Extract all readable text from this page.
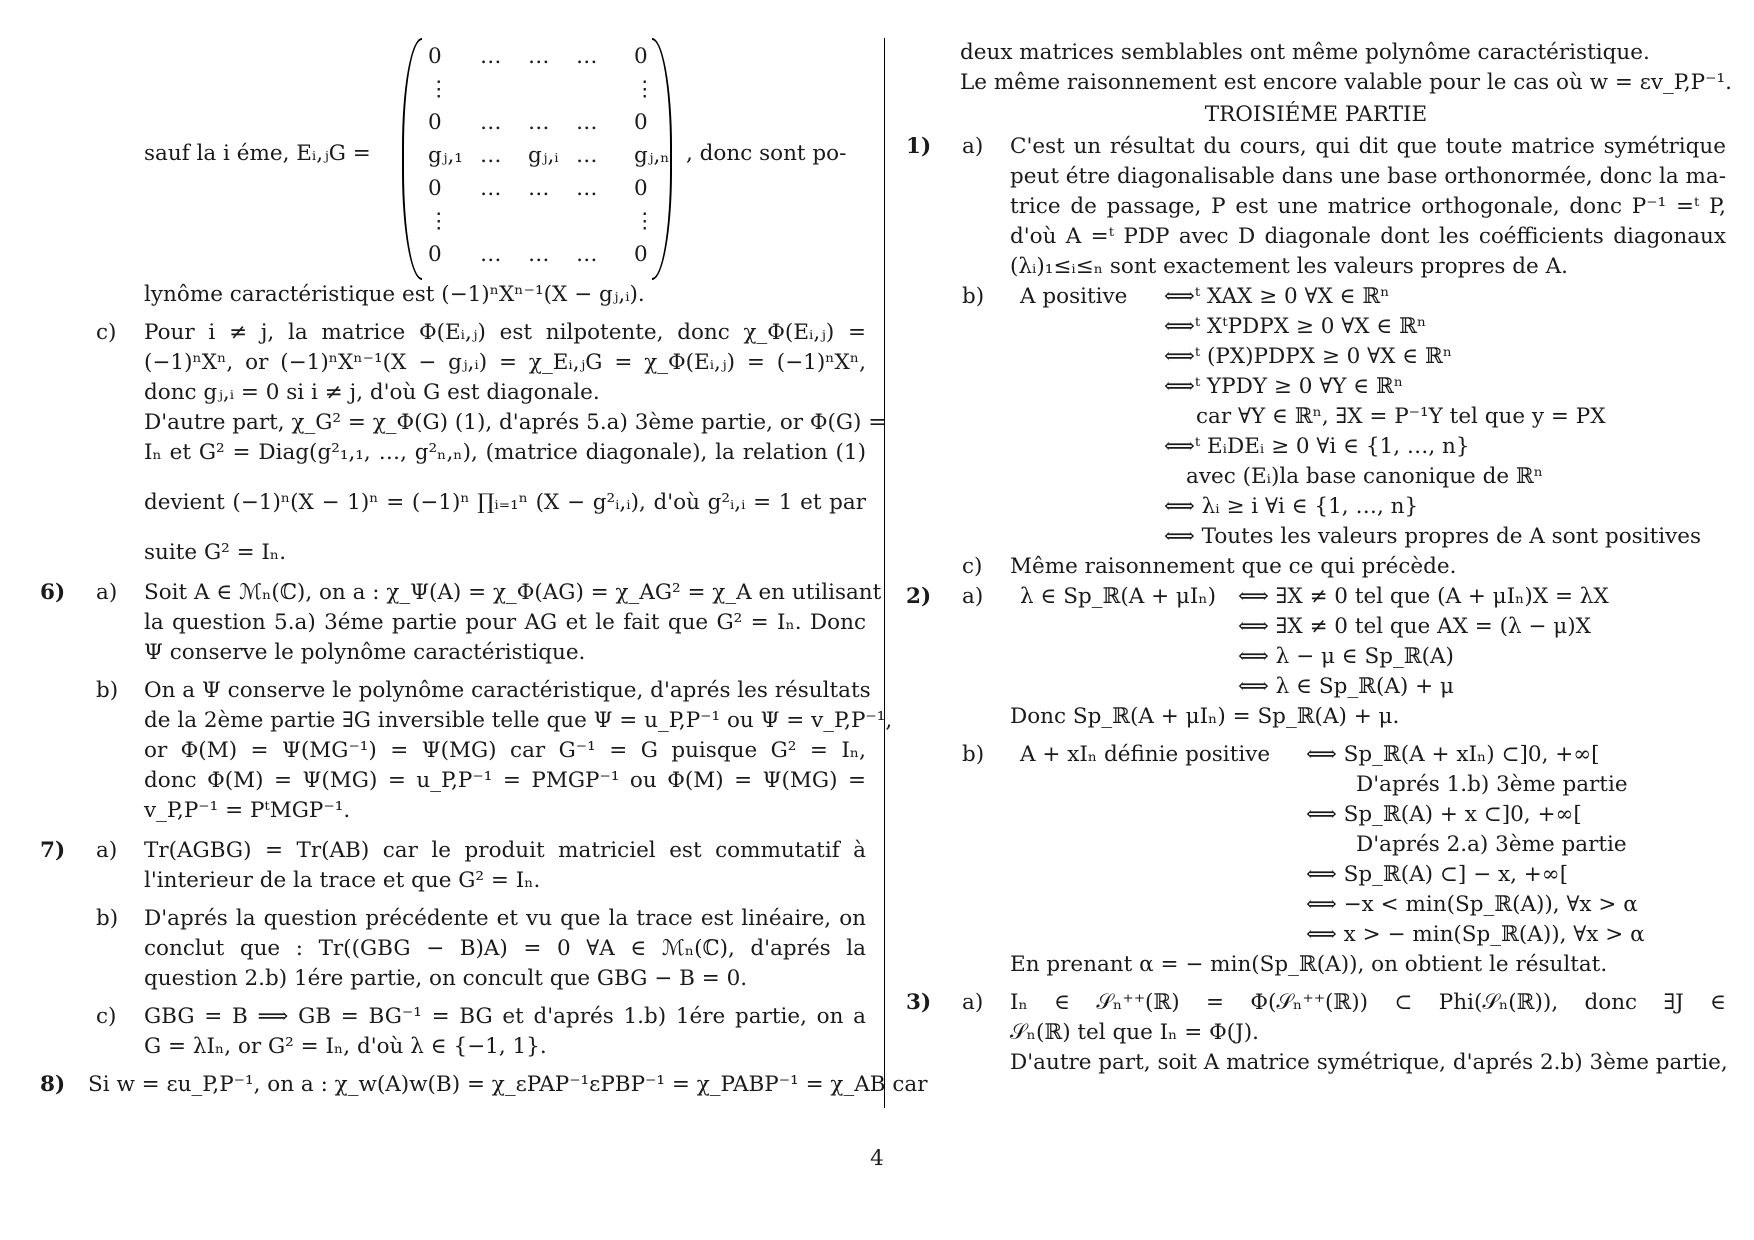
sauf la i éme, Eᵢ,ⱼG =
0 … … … 0
⋮	⋮
0 … … … 0
gⱼ,₁ … gⱼ,ᵢ … gⱼ,ₙ
0 … … … 0
⋮	⋮
0 … … … 0
, donc sont po-
lynôme caractéristique est (−1)ⁿXⁿ⁻¹(X − gⱼ,ᵢ).
c) Pour i ≠ j, la matrice Φ(Eᵢ,ⱼ) est nilpotente, donc χ_Φ(Eᵢ,ⱼ) =
(−1)ⁿXⁿ, or (−1)ⁿXⁿ⁻¹(X − gⱼ,ᵢ) = χ_Eᵢ,ⱼG = χ_Φ(Eᵢ,ⱼ) = (−1)ⁿXⁿ,
donc gⱼ,ᵢ = 0 si i ≠ j, d'où G est diagonale.
D'autre part, χ_G² = χ_Φ(G) (1), d'aprés 5.a) 3ème partie, or Φ(G) =
Iₙ et G² = Diag(g²₁,₁, …, g²ₙ,ₙ), (matrice diagonale), la relation (1)
devient (−1)ⁿ(X − 1)ⁿ = (−1)ⁿ ∏ᵢ₌₁ⁿ (X − g²ᵢ,ᵢ), d'où g²ᵢ,ᵢ = 1 et par
suite G² = Iₙ.
6) a) Soit A ∈ ℳₙ(ℂ), on a : χ_Ψ(A) = χ_Φ(AG) = χ_AG² = χ_A en utilisant
la question 5.a) 3éme partie pour AG et le fait que G² = Iₙ. Donc
Ψ conserve le polynôme caractéristique.
b) On a Ψ conserve le polynôme caractéristique, d'aprés les résultats
de la 2ème partie ∃G inversible telle que Ψ = u_P,P⁻¹ ou Ψ = v_P,P⁻¹,
or Φ(M) = Ψ(MG⁻¹) = Ψ(MG) car G⁻¹ = G puisque G² = Iₙ,
donc Φ(M) = Ψ(MG) = u_P,P⁻¹ = PMGP⁻¹ ou Φ(M) = Ψ(MG) =
v_P,P⁻¹ = PᵗMGP⁻¹.
7) a) Tr(AGBG) = Tr(AB) car le produit matriciel est commutatif à
l'interieur de la trace et que G² = Iₙ.
b) D'aprés la question précédente et vu que la trace est linéaire, on
conclut que : Tr((GBG − B)A) = 0 ∀A ∈ ℳₙ(ℂ), d'aprés la
question 2.b) 1ére partie, on concult que GBG − B = 0.
c) GBG = B ⟹ GB = BG⁻¹ = BG et d'aprés 1.b) 1ére partie, on a
G = λIₙ, or G² = Iₙ, d'où λ ∈ {−1, 1}.
8) Si w = εu_P,P⁻¹, on a : χ_w(A)w(B) = χ_εPAP⁻¹εPBP⁻¹ = χ_PABP⁻¹ = χ_AB car
deux matrices semblables ont même polynôme caractéristique.
Le même raisonnement est encore valable pour le cas où w = εv_P,P⁻¹.
TROISIÉME PARTIE
1) a) C'est un résultat du cours, qui dit que toute matrice symétrique
peut étre diagonalisable dans une base orthonormée, donc la ma-
trice de passage, P est une matrice orthogonale, donc P⁻¹ =ᵗ P,
d'où A =ᵗ PDP avec D diagonale dont les coéfficients diagonaux
(λᵢ)₁≤ᵢ≤ₙ sont exactement les valeurs propres de A.
b) A positive ⟺ᵗ XAX ≥ 0 ∀X ∈ ℝⁿ
⟺ᵗ XᵗPDPX ≥ 0 ∀X ∈ ℝⁿ
⟺ᵗ (PX)PDPX ≥ 0 ∀X ∈ ℝⁿ
⟺ᵗ YPDY ≥ 0 ∀Y ∈ ℝⁿ
car ∀Y ∈ ℝⁿ, ∃X = P⁻¹Y tel que y = PX
⟺ᵗ EᵢDEᵢ ≥ 0 ∀i ∈ {1, …, n}
avec (Eᵢ)la base canonique de ℝⁿ
⟺ λᵢ ≥ i ∀i ∈ {1, …, n}
⟺ Toutes les valeurs propres de A sont positives
c) Même raisonnement que ce qui précède.
2) a) λ ∈ Sp_ℝ(A + μIₙ) ⟺ ∃X ≠ 0 tel que (A + μIₙ)X = λX
⟺ ∃X ≠ 0 tel que AX = (λ − μ)X
⟺ λ − μ ∈ Sp_ℝ(A)
⟺ λ ∈ Sp_ℝ(A) + μ
Donc Sp_ℝ(A + μIₙ) = Sp_ℝ(A) + μ.
b) A + xIₙ définie positive ⟺ Sp_ℝ(A + xIₙ) ⊂]0, +∞[
D'aprés 1.b) 3ème partie
⟺ Sp_ℝ(A) + x ⊂]0, +∞[
D'aprés 2.a) 3ème partie
⟺ Sp_ℝ(A) ⊂] − x, +∞[
⟺ −x < min(Sp_ℝ(A)), ∀x > α
⟺ x > − min(Sp_ℝ(A)), ∀x > α
En prenant α = − min(Sp_ℝ(A)), on obtient le résultat.
3) a) Iₙ ∈ 𝒮ₙ⁺⁺(ℝ) = Φ(𝒮ₙ⁺⁺(ℝ)) ⊂ Phi(𝒮ₙ(ℝ)), donc ∃J ∈
𝒮ₙ(ℝ) tel que Iₙ = Φ(J).
D'autre part, soit A matrice symétrique, d'aprés 2.b) 3ème partie,
4
